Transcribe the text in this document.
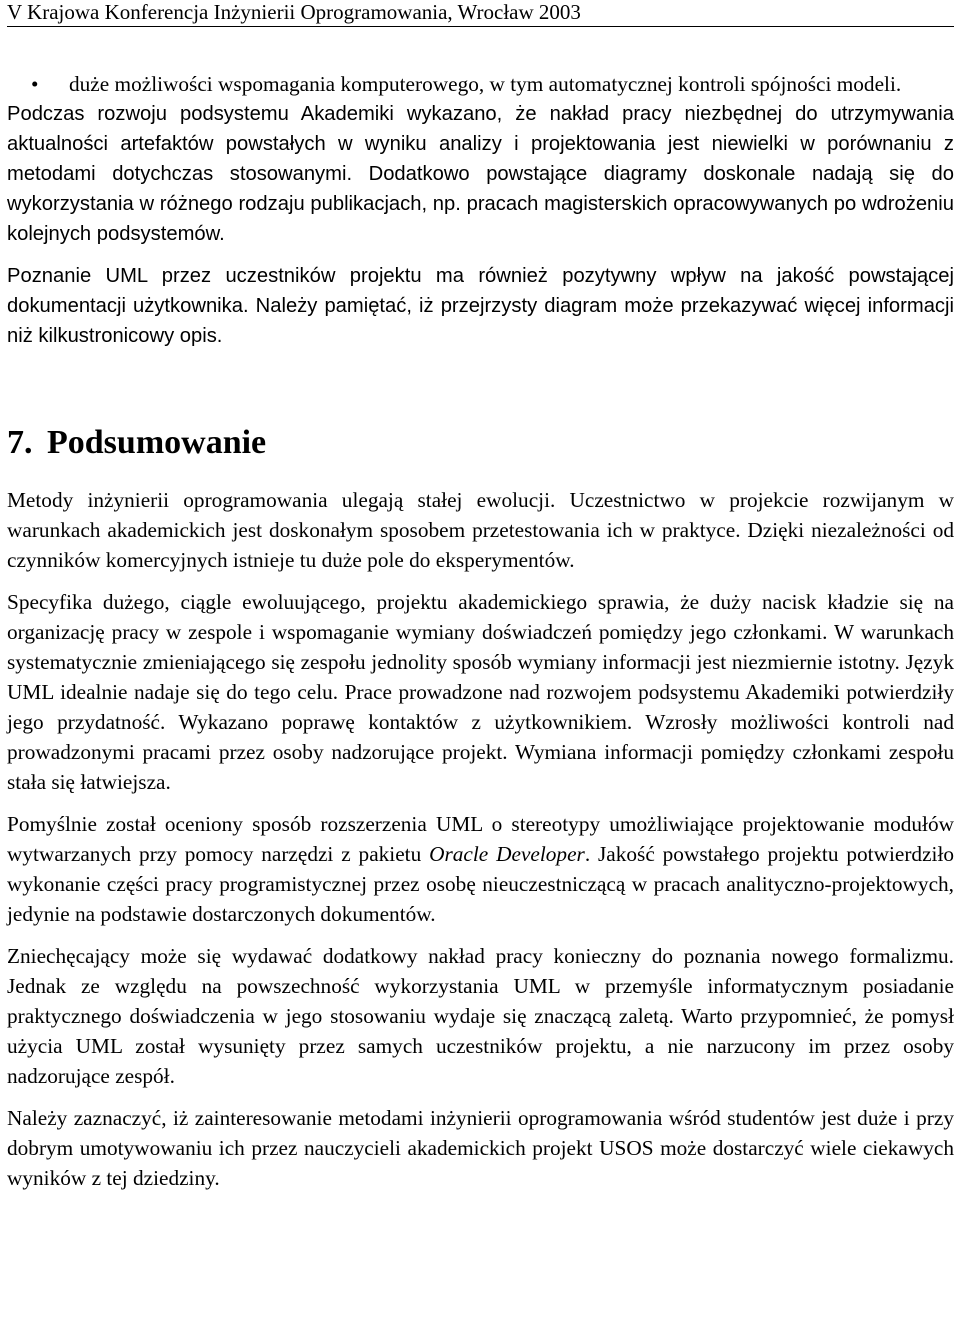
V Krajowa Konferencja Inżynierii Oprogramowania, Wrocław 2003
• duże możliwości wspomagania komputerowego, w tym automatycznej kontroli spójności modeli.

Podczas rozwoju podsystemu Akademiki wykazano, że nakład pracy niezbędnej do utrzymywania aktualności artefaktów powstałych w wyniku analizy i projektowania jest niewielki w porównaniu z metodami dotychczas stosowanymi. Dodatkowo powstające diagramy doskonale nadają się do wykorzystania w różnego rodzaju publikacjach, np. pracach magisterskich opracowywanych po wdrożeniu kolejnych podsystemów.

Poznanie UML przez uczestników projektu ma również pozytywny wpływ na jakość powstającej dokumentacji użytkownika. Należy pamiętać, iż przejrzysty diagram może przekazywać więcej informacji niż kilkustronicowy opis.

7. Podsumowanie

Metody inżynierii oprogramowania ulegają stałej ewolucji. Uczestnictwo w projekcie rozwijanym w warunkach akademickich jest doskonałym sposobem przetestowania ich w praktyce. Dzięki niezależności od czynników komercyjnych istnieje tu duże pole do eksperymentów.

Specyfika dużego, ciągle ewoluującego, projektu akademickiego sprawia, że duży nacisk kładzie się na organizację pracy w zespole i wspomaganie wymiany doświadczeń pomiędzy jego członkami. W warunkach systematycznie zmieniającego się zespołu jednolity sposób wymiany informacji jest niezmiernie istotny. Język UML idealnie nadaje się do tego celu. Prace prowadzone nad rozwojem podsystemu Akademiki potwierdziły jego przydatność. Wykazano poprawę kontaktów z użytkownikiem. Wzrosły możliwości kontroli nad prowadzonymi pracami przez osoby nadzorujące projekt. Wymiana informacji pomiędzy członkami zespołu stała się łatwiejsza.

Pomyślnie został oceniony sposób rozszerzenia UML o stereotypy umożliwiające projektowanie modułów wytwarzanych przy pomocy narzędzi z pakietu Oracle Developer. Jakość powstałego projektu potwierdziło wykonanie części pracy programistycznej przez osobę nieuczestniczącą w pracach analityczno-projektowych, jedynie na podstawie dostarczonych dokumentów.

Zniechęcający może się wydawać dodatkowy nakład pracy konieczny do poznania nowego formalizmu. Jednak ze względu na powszechność wykorzystania UML w przemyśle informatycznym posiadanie praktycznego doświadczenia w jego stosowaniu wydaje się znaczącą zaletą. Warto przypomnieć, że pomysł użycia UML został wysunięty przez samych uczestników projektu, a nie narzucony im przez osoby nadzorujące zespół.

Należy zaznaczyć, iż zainteresowanie metodami inżynierii oprogramowania wśród studentów jest duże i przy dobrym umotywowaniu ich przez nauczycieli akademickich projekt USOS może dostarczyć wiele ciekawych wyników z tej dziedziny.
